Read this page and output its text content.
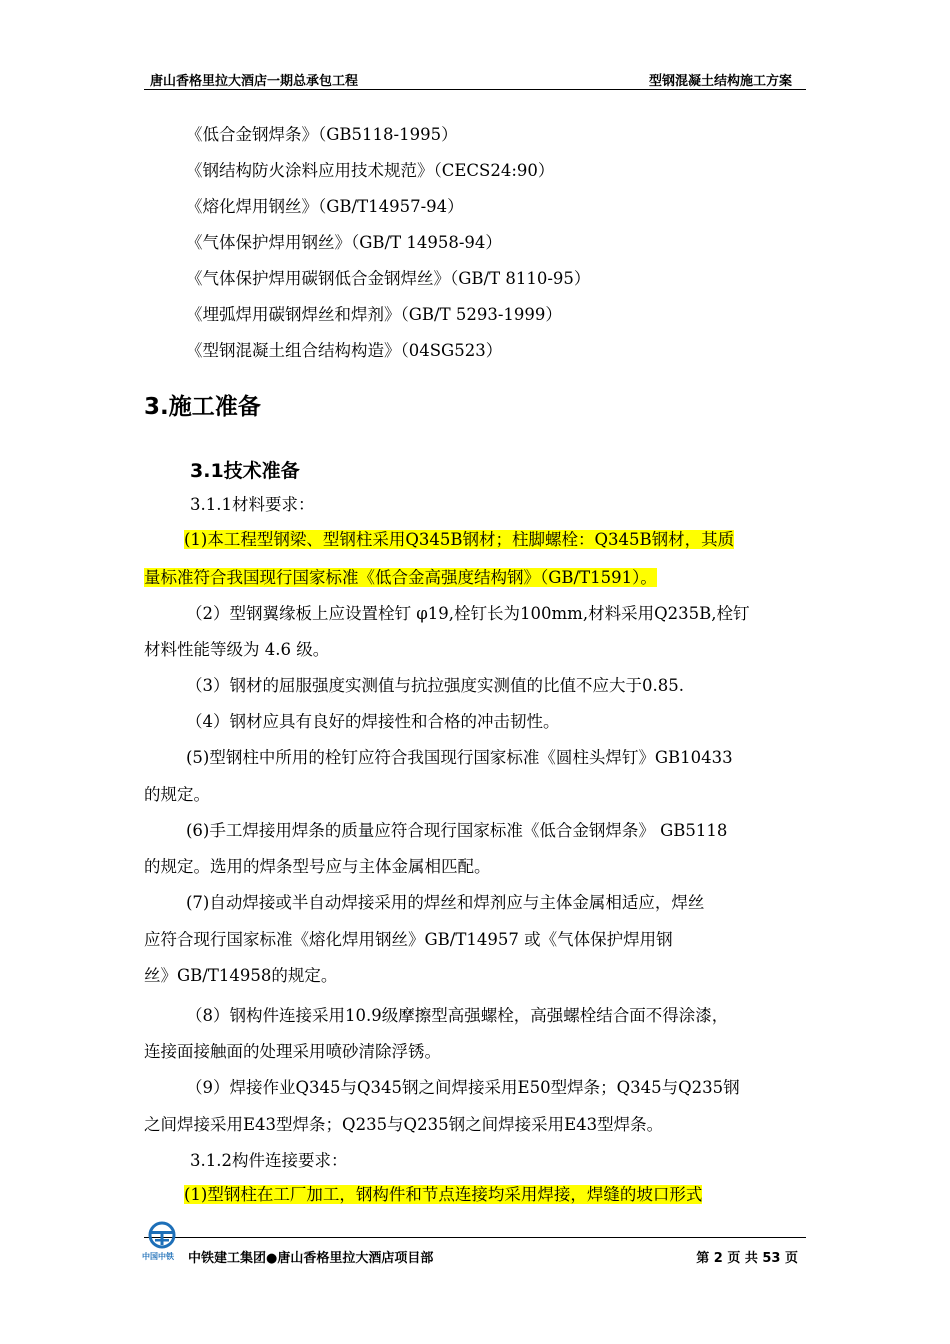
唐山香格里拉大酒店一期总承包工程	型钢混凝土结构施工方案
《低合金钢焊条》（GB5118-1995）
《钢结构防火涂料应用技术规范》（CECS24:90）
《熔化焊用钢丝》（GB/T14957-94）
《气体保护焊用钢丝》（GB/T 14958-94）
《气体保护焊用碳钢低合金钢焊丝》（GB/T 8110-95）
《埋弧焊用碳钢焊丝和焊剂》（GB/T 5293-1999）
《型钢混凝土组合结构构造》（04SG523）
3.施工准备
3.1技术准备
3.1.1材料要求：
(1)本工程型钢梁、型钢柱采用Q345B钢材；柱脚螺栓：Q345B钢材，其质
量标准符合我国现行国家标准《低合金高强度结构钢》（GB/T1591）。
（2）型钢翼缘板上应设置栓钉 φ19,栓钉长为100mm,材料采用Q235B,栓钉
材料性能等级为 4.6 级。
（3）钢材的屈服强度实测值与抗拉强度实测值的比值不应大于0.85.
（4）钢材应具有良好的焊接性和合格的冲击韧性。
(5)型钢柱中所用的栓钉应符合我国现行国家标准《圆柱头焊钉》GB10433
的规定。
(6)手工焊接用焊条的质量应符合现行国家标准《低合金钢焊条》 GB5118
的规定。选用的焊条型号应与主体金属相匹配。
(7)自动焊接或半自动焊接采用的焊丝和焊剂应与主体金属相适应，焊丝
应符合现行国家标准《熔化焊用钢丝》GB/T14957 或《气体保护焊用钢
丝》GB/T14958的规定。
（8）钢构件连接采用10.9级摩擦型高强螺栓，高强螺栓结合面不得涂漆，
连接面接触面的处理采用喷砂清除浮锈。
（9）焊接作业Q345与Q345钢之间焊接采用E50型焊条；Q345与Q235钢
之间焊接采用E43型焊条；Q235与Q235钢之间焊接采用E43型焊条。
3.1.2构件连接要求：
(1)型钢柱在工厂加工，钢构件和节点连接均采用焊接，焊缝的坡口形式
中国中铁 中铁建工集团●唐山香格里拉大酒店项目部	第 2 页 共 53 页
